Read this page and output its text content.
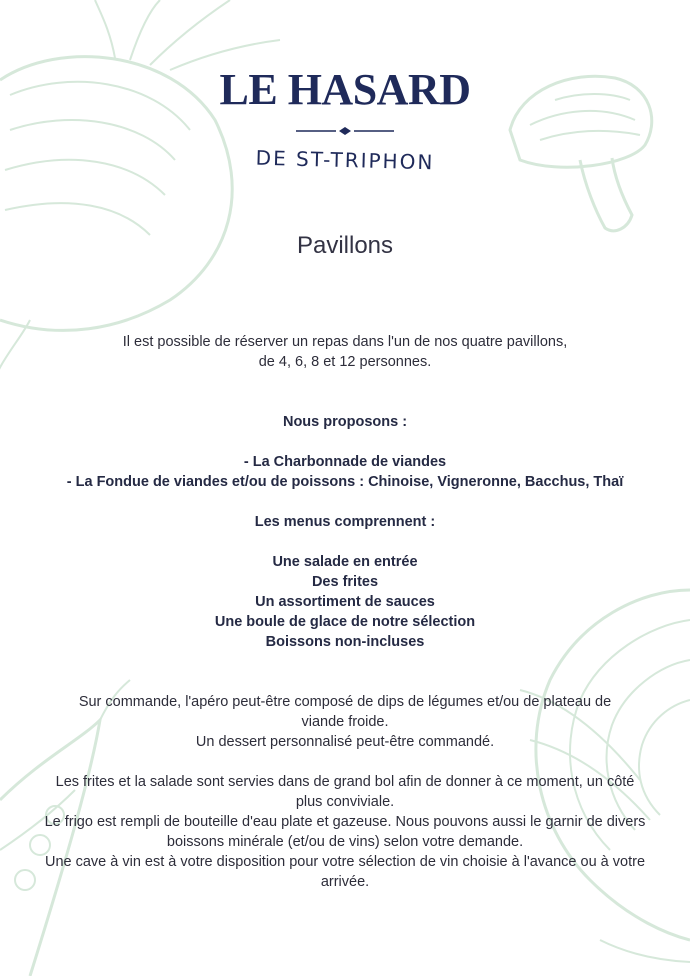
LE HASARD
DE ST-TRIPHON
Pavillons

Il est possible de réserver un repas dans l'un de nos quatre pavillons,

de 4, 6, 8 et 12 personnes.

Nous proposons :

- La Charbonnade de viandes

- La Fondue de viandes et/ou de poissons : Chinoise, Vigneronne, Bacchus, Thaï

Les menus comprennent :

Une salade en entrée

Des frites

Un assortiment de sauces

Une boule de glace de notre sélection

Boissons non-incluses

Sur commande, l'apéro peut-être composé de dips de légumes et/ou de plateau de viande froide.

Un dessert personnalisé peut-être commandé.

Les frites et la salade sont servies dans de grand bol afin de donner à ce moment, un côté plus conviviale.

Le frigo est rempli de bouteille d'eau plate et gazeuse. Nous pouvons aussi le garnir de divers boissons minérale (et/ou de vins) selon votre demande.

Une cave à vin est à votre disposition pour votre sélection de vin choisie à l'avance ou à votre arrivée.
